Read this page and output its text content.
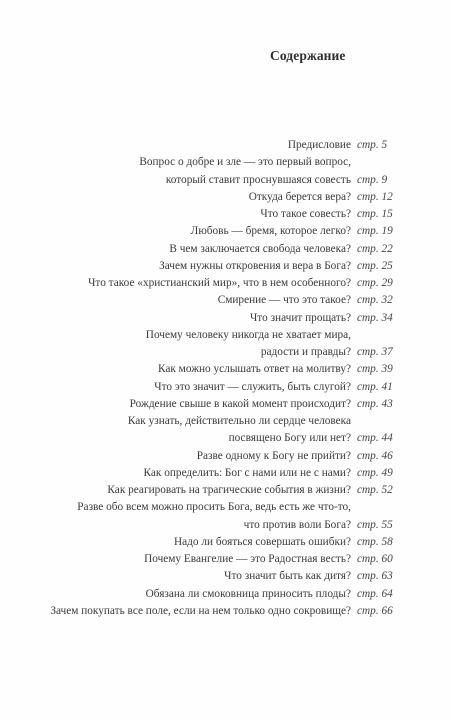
Содержание
Предисловие стр. 5
Вопрос о добре и зле — это первый вопрос,
который ставит проснувшаяся совесть стр. 9
Откуда берется вера? стр. 12
Что такое совесть? стр. 15
Любовь — бремя, которое легко? стр. 19
В чем заключается свобода человека? стр. 22
Зачем нужны откровения и вера в Бога? стр. 25
Что такое «христианский мир», что в нем особенного? стр. 29
Смирение — что это такое? стр. 32
Что значит прощать? стр. 34
Почему человеку никогда не хватает мира,
радости и правды? стр. 37
Как можно услышать ответ на молитву? стр. 39
Что это значит — служить, быть слугой? стр. 41
Рождение свыше в какой момент происходит? стр. 43
Как узнать, действительно ли сердце человека
посвящено Богу или нет? стр. 44
Разве одному к Богу не прийти? стр. 46
Как определить: Бог с нами или не с нами? стр. 49
Как реагировать на трагические события в жизни? стр. 52
Разве обо всем можно просить Бога, ведь есть же что-то,
что против воли Бога? стр. 55
Надо ли бояться совершать ошибки? стр. 58
Почему Евангелие — это Радостная весть? стр. 60
Что значит быть как дитя? стр. 63
Обязана ли смоковница приносить плоды? стр. 64
Зачем покупать все поле, если на нем только одно сокровище? стр. 66
